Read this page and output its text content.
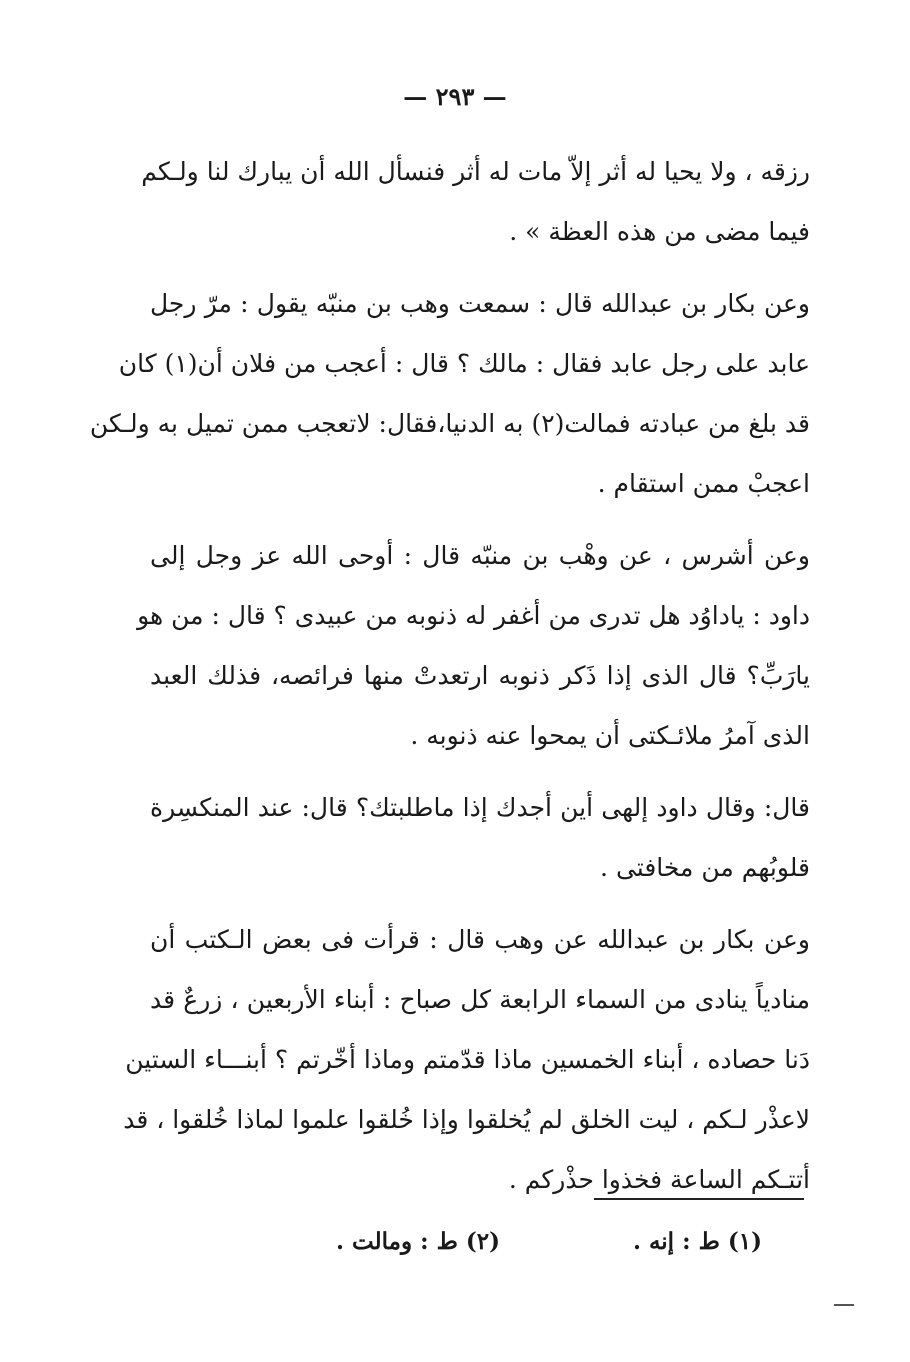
— ٢٩٣ —
رزقه ، ولا يحيا له أثر إلاّ مات له أثر فنسأل الله أن يبارك لنا ولـكم
فيما مضى من هذه العظة » .
وعن بكار بن عبدالله قال : سمعت وهب بن منبّه يقول : مرّ رجل
عابد على رجل عابد فقال : مالك ؟ قال : أعجب من فلان أن(١) كان
قد بلغ من عبادته فمالت(٢) به الدنيا،فقال: لاتعجب ممن تميل به ولـكن
اعجبْ ممن استقام .
وعن أشرس ، عن وهْب بن منبّه قال : أوحى الله عز وجل إلى
داود : ياداوُد هل تدرى من أغفر له ذنوبه من عبيدى ؟ قال : من هو
يارَبِّ؟ قال الذى إذا ذَكر ذنوبه ارتعدتْ منها فرائصه، فذلك العبد
الذى آمرُ ملائـكتى أن يمحوا عنه ذنوبه .
قال: وقال داود إلهى أين أجدك إذا ماطلبتك؟ قال: عند المنكسِرة
قلوبُهم من مخافتى .
وعن بكار بن عبدالله عن وهب قال : قرأت فى بعض الـكتب أن
منادياً ينادى من السماء الرابعة كل صباح : أبناء الأربعين ، زرعٌ قد
دَنا حصاده ، أبناء الخمسين ماذا قدّمتم وماذا أخّرتم ؟ أبنـــاء الستين
لاعذْر لـكم ، ليت الخلق لم يُخلقوا وإذا خُلقوا علموا لماذا خُلقوا ، قد
أتتـكم الساعة فخذوا حذْركم .
(١) ط : إنه .
(٢) ط : ومالت .
